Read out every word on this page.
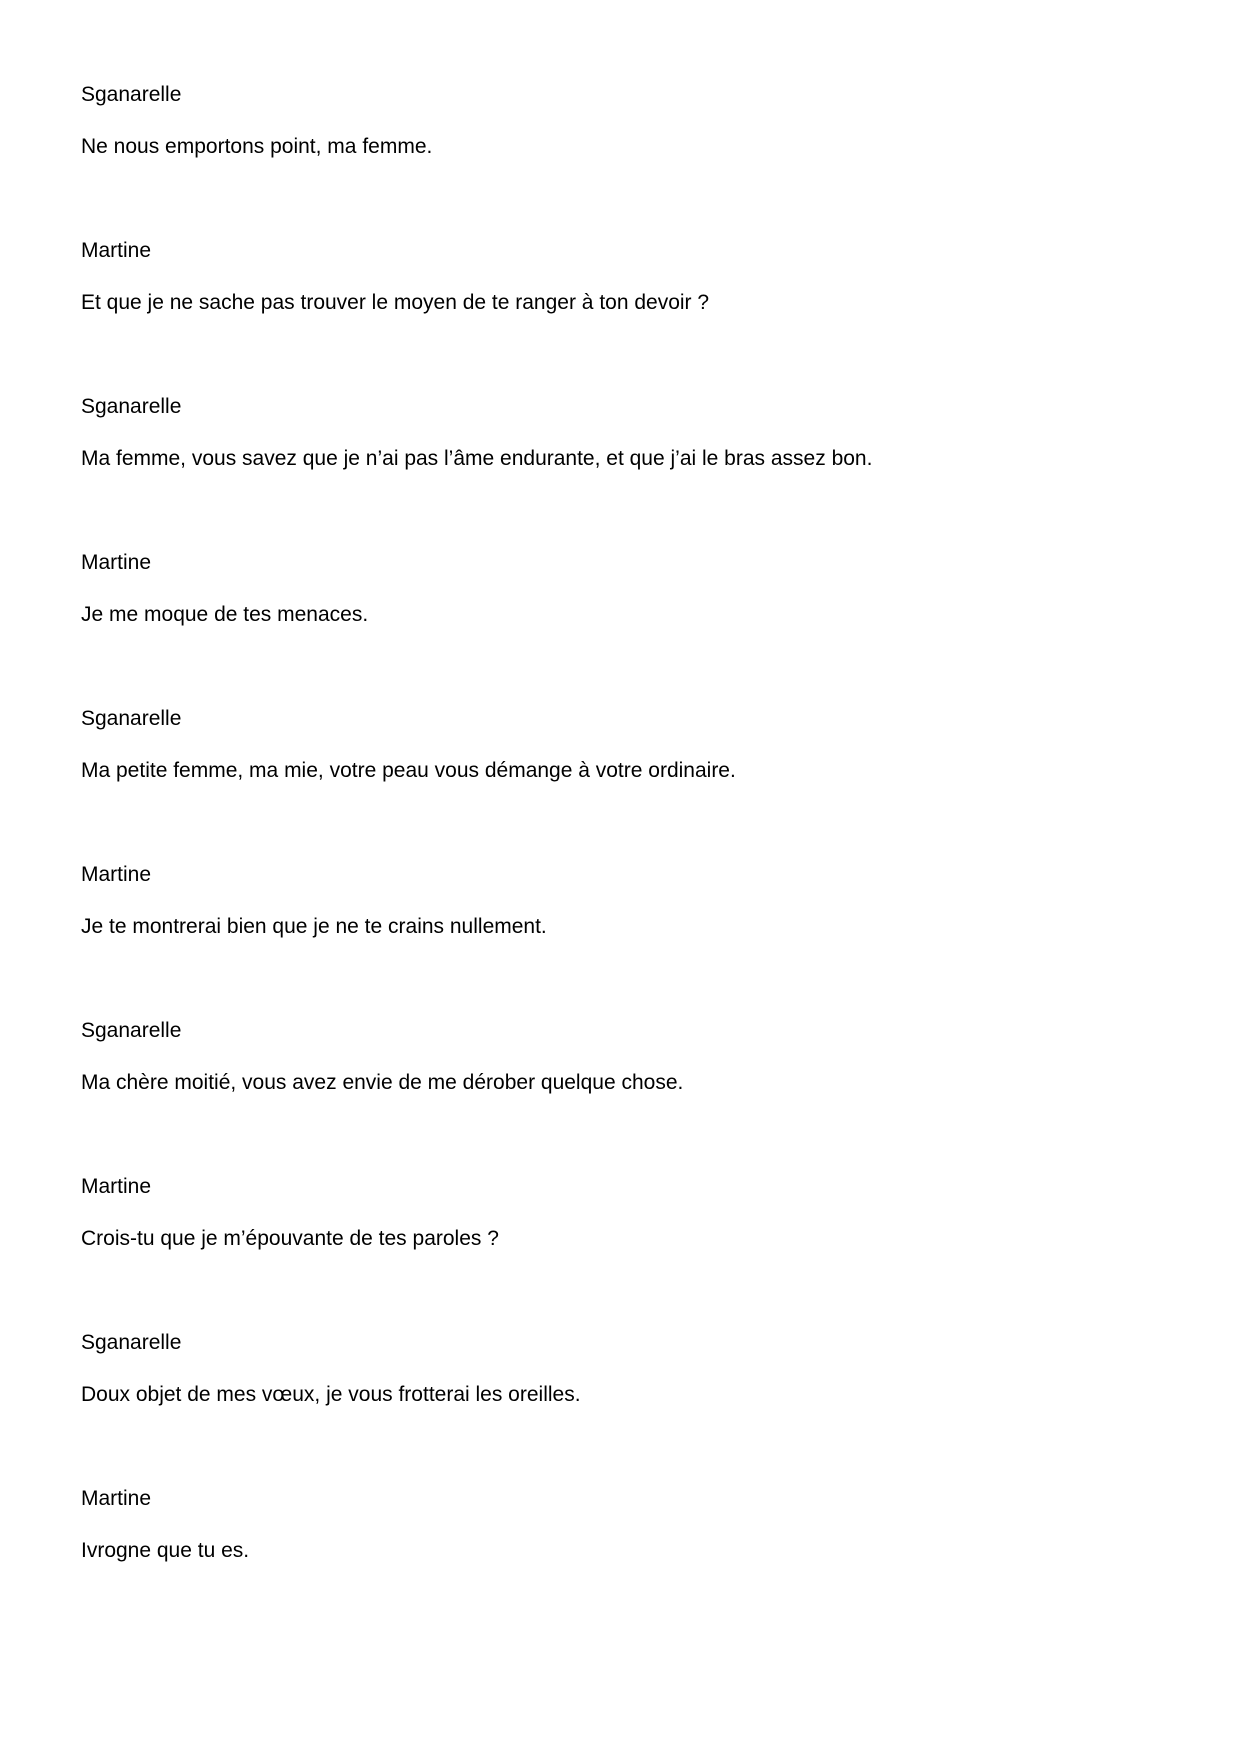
Sganarelle
Ne nous emportons point, ma femme.
Martine
Et que je ne sache pas trouver le moyen de te ranger à ton devoir ?
Sganarelle
Ma femme, vous savez que je n’ai pas l’âme endurante, et que j’ai le bras assez bon.
Martine
Je me moque de tes menaces.
Sganarelle
Ma petite femme, ma mie, votre peau vous démange à votre ordinaire.
Martine
Je te montrerai bien que je ne te crains nullement.
Sganarelle
Ma chère moitié, vous avez envie de me dérober quelque chose.
Martine
Crois-tu que je m’épouvante de tes paroles ?
Sganarelle
Doux objet de mes vœux, je vous frotterai les oreilles.
Martine
Ivrogne que tu es.
